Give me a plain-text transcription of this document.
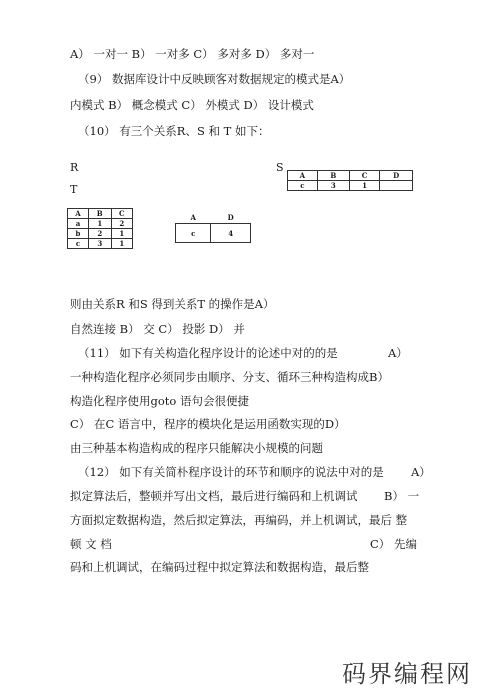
A） 一对一 B） 一对多 C） 多对多 D） 多对一
（9） 数据库设计中反映顾客对数据规定的模式是A）
内模式 B） 概念模式 C） 外模式 D） 设计模式
（10） 有三个关系R、S 和 T 如下：
R
T
S
A	B	C
a	1	2
b	2	1
c	3	1
A	B	C	D
c	3	1	
A	D
c	4
则由关系R 和S 得到关系T 的操作是A）
自然连接 B） 交 C） 投影 D） 并
（11） 如下有关构造化程序设计的论述中对的的是	A）
一种构造化程序必须同步由顺序、分支、循环三种构造构成B）
构造化程序使用goto 语句会很便捷
C） 在C 语言中，程序的模块化是运用函数实现的D）
由三种基本构造构成的程序只能解决小规模的问题
（12） 如下有关简朴程序设计的环节和顺序的说法中对的是 A）
拟定算法后，整顿并写出文档，最后进行编码和上机调试 B） 一
方面拟定数据构造，然后拟定算法，再编码，并上机调试，最后 整
顿 文 档	C） 先编
码和上机调试，在编码过程中拟定算法和数据构造，最后整
码界编程网
